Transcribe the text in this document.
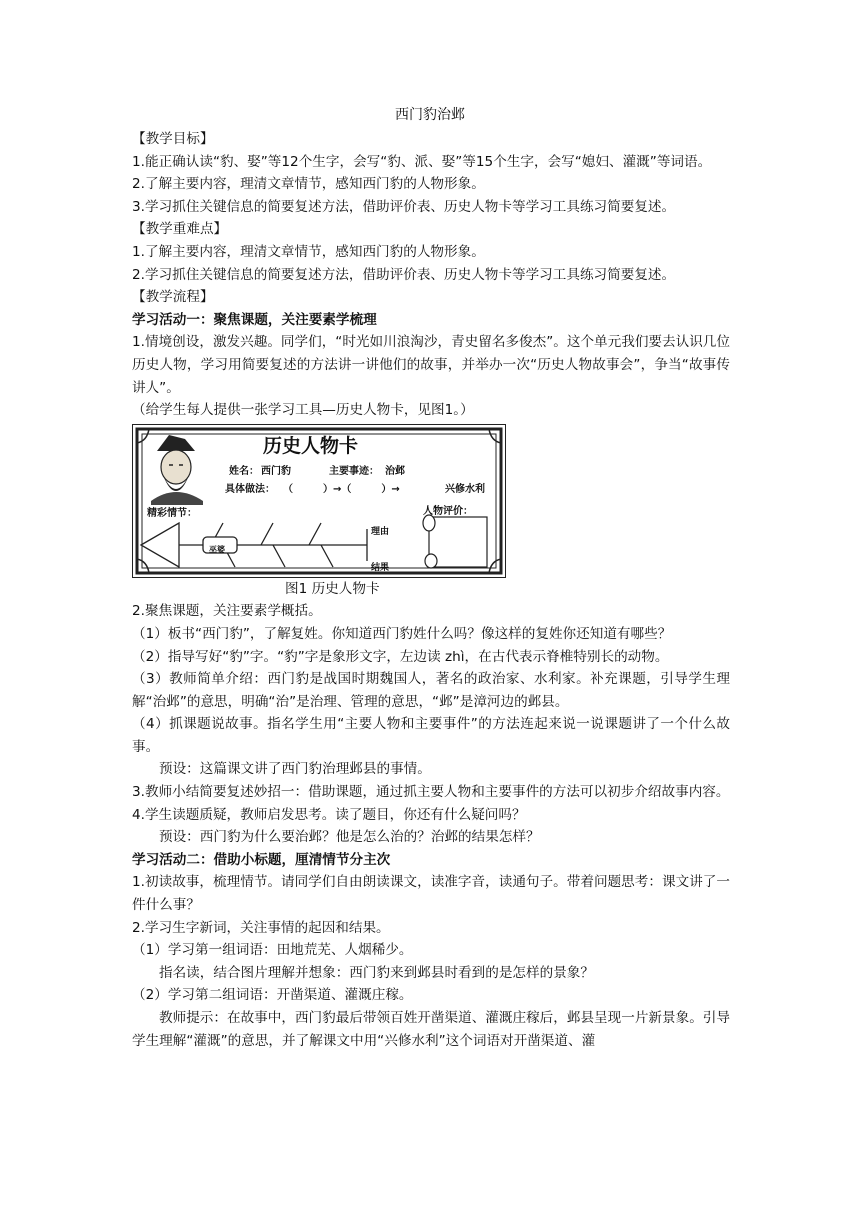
西门豹治邺

【教学目标】

1.能正确认读“豹、娶”等12个生字，会写“豹、派、娶”等15个生字，会写“媳妇、灌溉”等词语。

2.了解主要内容，理清文章情节，感知西门豹的人物形象。

3.学习抓住关键信息的简要复述方法，借助评价表、历史人物卡等学习工具练习简要复述。

【教学重难点】

1.了解主要内容，理清文章情节，感知西门豹的人物形象。

2.学习抓住关键信息的简要复述方法，借助评价表、历史人物卡等学习工具练习简要复述。

【教学流程】

学习活动一：聚焦课题，关注要素学梳理

1.情境创设，激发兴趣。同学们，“时光如川浪淘沙，青史留名多俊杰”。这个单元我们要去认识几位历史人物，学习用简要复述的方法讲一讲他们的故事，并举办一次“历史人物故事会”，争当“故事传讲人”。

（给学生每人提供一张学习工具—历史人物卡，见图1。）

历史人物卡
姓名： 西门豹	主要事迹： 治邺
具体做法： （　　　）→（　　　）→	兴修水利
精彩情节：
巫婆
理由
结果
人物评价：

图1 历史人物卡

2.聚焦课题，关注要素学概括。

（1）板书“西门豹”，了解复姓。你知道西门豹姓什么吗？像这样的复姓你还知道有哪些？

（2）指导写好“豹”字。“豹”字是象形文字，左边读 zhì，在古代表示脊椎特别长的动物。

（3）教师简单介绍：西门豹是战国时期魏国人，著名的政治家、水利家。补充课题，引导学生理解“治邺”的意思，明确“治”是治理、管理的意思，“邺”是漳河边的邺县。

（4）抓课题说故事。指名学生用“主要人物和主要事件”的方法连起来说一说课题讲了一个什么故事。

预设：这篇课文讲了西门豹治理邺县的事情。

3.教师小结简要复述妙招一：借助课题，通过抓主要人物和主要事件的方法可以初步介绍故事内容。

4.学生读题质疑，教师启发思考。读了题目，你还有什么疑问吗？

预设：西门豹为什么要治邺？他是怎么治的？治邺的结果怎样？

学习活动二：借助小标题，厘清情节分主次

1.初读故事，梳理情节。请同学们自由朗读课文，读准字音，读通句子。带着问题思考：课文讲了一件什么事？

2.学习生字新词，关注事情的起因和结果。

（1）学习第一组词语：田地荒芜、人烟稀少。

指名读，结合图片理解并想象：西门豹来到邺县时看到的是怎样的景象？

（2）学习第二组词语：开凿渠道、灌溉庄稼。

教师提示：在故事中，西门豹最后带领百姓开凿渠道、灌溉庄稼后，邺县呈现一片新景象。引导学生理解“灌溉”的意思，并了解课文中用“兴修水利”这个词语对开凿渠道、灌
